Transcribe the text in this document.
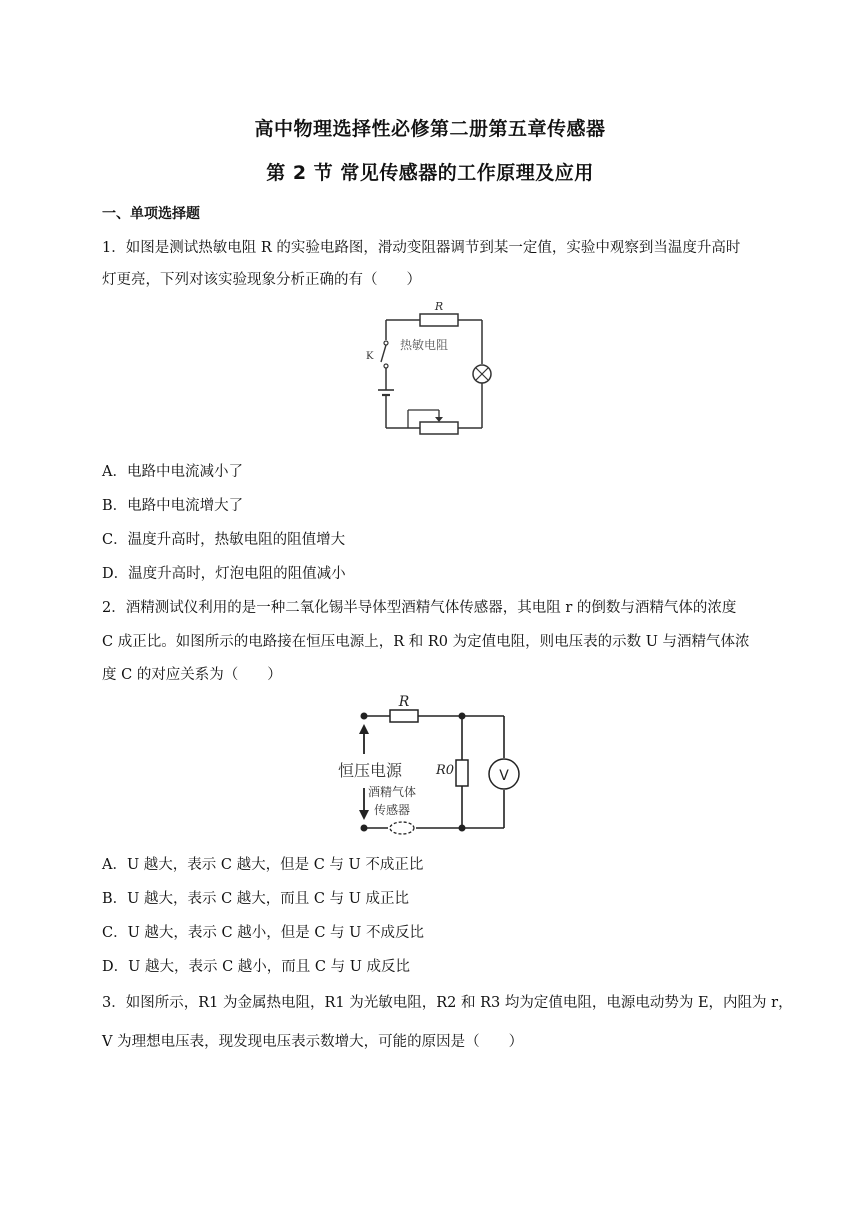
高中物理选择性必修第二册第五章传感器
第 2 节 常见传感器的工作原理及应用
一、单项选择题
1．如图是测试热敏电阻 R 的实验电路图，滑动变阻器调节到某一定值，实验中观察到当温度升高时
灯更亮，下列对该实验现象分析正确的有（　　）
R
K
热敏电阻
A．电路中电流减小了
B．电路中电流增大了
C．温度升高时，热敏电阻的阻值增大
D．温度升高时，灯泡电阻的阻值减小
2．酒精测试仪利用的是一种二氧化锡半导体型酒精气体传感器，其电阻 r 的倒数与酒精气体的浓度
C 成正比。如图所示的电路接在恒压电源上，R 和 R0 为定值电阻，则电压表的示数 U 与酒精气体浓
度 C 的对应关系为（　　）
R
R0	V
恒压电源
酒精气体
传感器
A．U 越大，表示 C 越大，但是 C 与 U 不成正比
B．U 越大，表示 C 越大，而且 C 与 U 成正比
C．U 越大，表示 C 越小，但是 C 与 U 不成反比
D．U 越大，表示 C 越小，而且 C 与 U 成反比
3．如图所示，R1 为金属热电阻，R1 为光敏电阻，R2 和 R3 均为定值电阻，电源电动势为 E，内阻为 r，
V 为理想电压表，现发现电压表示数增大，可能的原因是（　　）
